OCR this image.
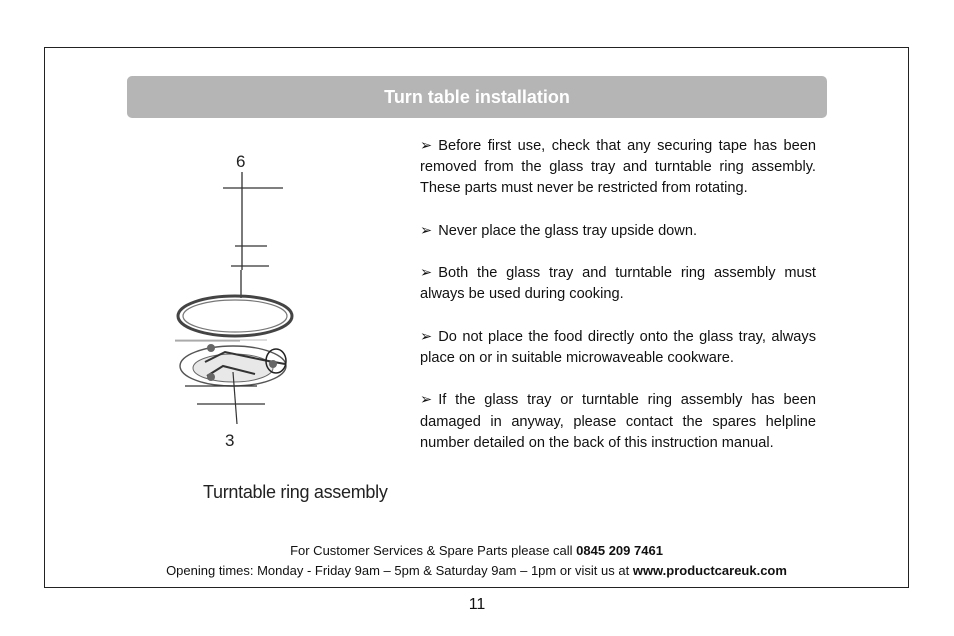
Turn table installation
6
3
Turntable ring assembly

➢ Before first use, check that any securing tape has been removed from the glass tray and turntable ring assembly. These parts must never be restricted from rotating.

➢ Never place the glass tray upside down.

➢ Both the glass tray and turntable ring assembly must always be used during cooking.

➢ Do not place the food directly onto the glass tray, always place on or in suitable microwaveable cookware.

➢ If the glass tray or turntable ring assembly has been damaged in anyway, please contact the spares helpline number detailed on the back of this instruction manual.

For Customer Services & Spare Parts please call 0845 209 7461
Opening times: Monday - Friday 9am – 5pm & Saturday 9am – 1pm or visit us at www.productcareuk.com
11
